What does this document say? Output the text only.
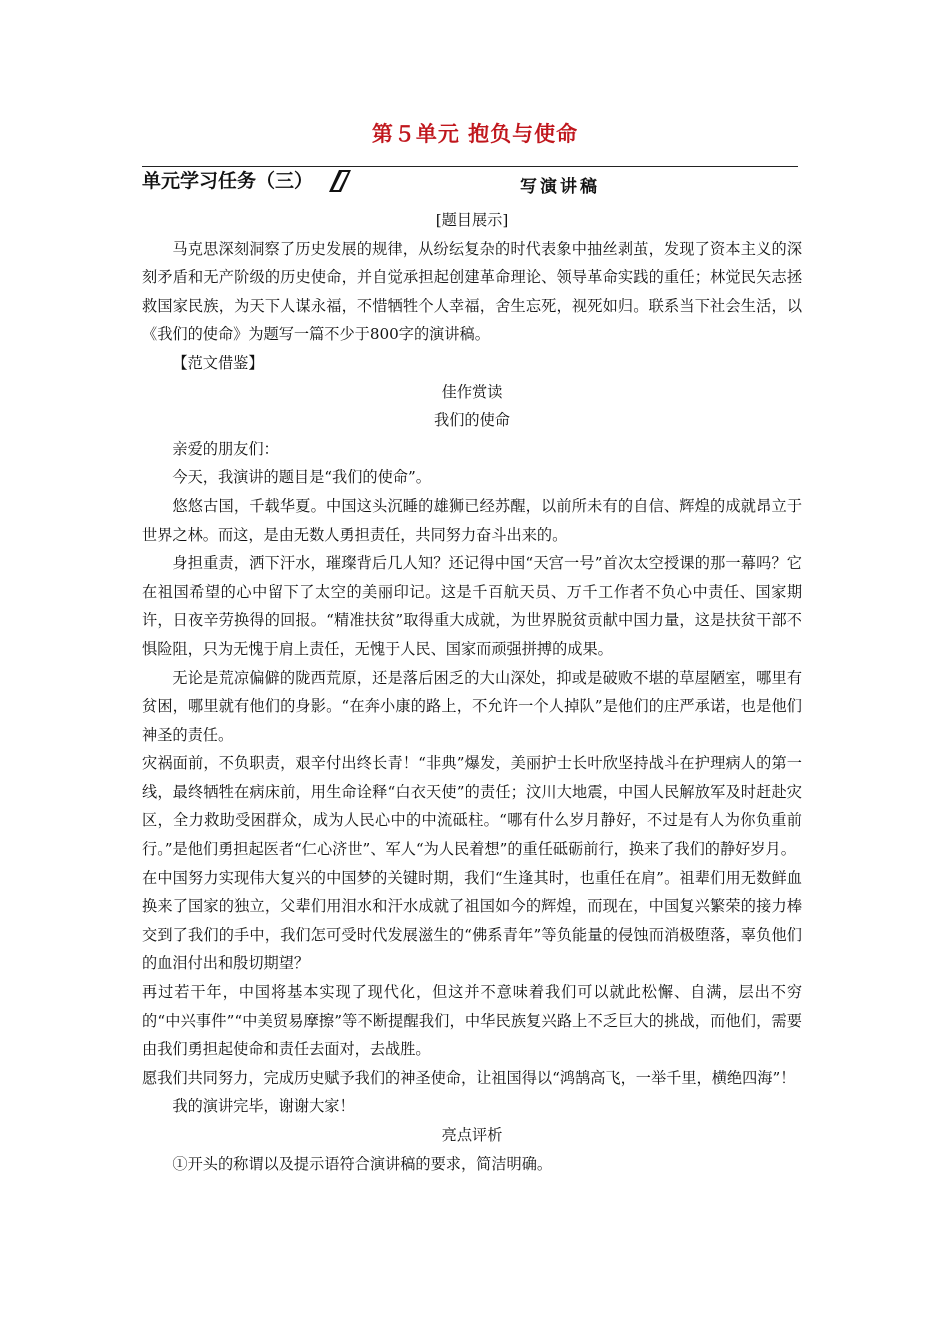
第５单元 抱负与使命
单元学习任务（三）	写演讲稿

[题目展示]

马克思深刻洞察了历史发展的规律，从纷纭复杂的时代表象中抽丝剥茧，发现了资本主义的深刻矛盾和无产阶级的历史使命，并自觉承担起创建革命理论、领导革命实践的重任；林觉民矢志拯救国家民族，为天下人谋永福，不惜牺牲个人幸福，舍生忘死，视死如归。联系当下社会生活，以《我们的使命》为题写一篇不少于800字的演讲稿。

【范文借鉴】

佳作赏读

我们的使命

亲爱的朋友们：

今天，我演讲的题目是“我们的使命”。

悠悠古国，千载华夏。中国这头沉睡的雄狮已经苏醒，以前所未有的自信、辉煌的成就昂立于世界之林。而这，是由无数人勇担责任，共同努力奋斗出来的。

身担重责，洒下汗水，璀璨背后几人知？还记得中国“天宫一号”首次太空授课的那一幕吗？它在祖国希望的心中留下了太空的美丽印记。这是千百航天员、万千工作者不负心中责任、国家期许，日夜辛劳换得的回报。“精准扶贫”取得重大成就，为世界脱贫贡献中国力量，这是扶贫干部不惧险阻，只为无愧于肩上责任，无愧于人民、国家而顽强拼搏的成果。

无论是荒凉偏僻的陇西荒原，还是落后困乏的大山深处，抑或是破败不堪的草屋陋室，哪里有贫困，哪里就有他们的身影。“在奔小康的路上，不允许一个人掉队”是他们的庄严承诺，也是他们神圣的责任。

灾祸面前，不负职责，艰辛付出终长青！“非典”爆发，美丽护士长叶欣坚持战斗在护理病人的第一线，最终牺牲在病床前，用生命诠释“白衣天使”的责任；汶川大地震，中国人民解放军及时赶赴灾区，全力救助受困群众，成为人民心中的中流砥柱。“哪有什么岁月静好，不过是有人为你负重前行。”是他们勇担起医者“仁心济世”、军人“为人民着想”的重任砥砺前行，换来了我们的静好岁月。

在中国努力实现伟大复兴的中国梦的关键时期，我们“生逢其时，也重任在肩”。祖辈们用无数鲜血换来了国家的独立，父辈们用泪水和汗水成就了祖国如今的辉煌，而现在，中国复兴繁荣的接力棒交到了我们的手中，我们怎可受时代发展滋生的“佛系青年”等负能量的侵蚀而消极堕落，辜负他们的血泪付出和殷切期望？

再过若干年，中国将基本实现了现代化，但这并不意味着我们可以就此松懈、自满，层出不穷的“中兴事件”“中美贸易摩擦”等不断提醒我们，中华民族复兴路上不乏巨大的挑战，而他们，需要由我们勇担起使命和责任去面对，去战胜。

愿我们共同努力，完成历史赋予我们的神圣使命，让祖国得以“鸿鹄高飞，一举千里，横绝四海”！

我的演讲完毕，谢谢大家！

亮点评析

①开头的称谓以及提示语符合演讲稿的要求，简洁明确。
